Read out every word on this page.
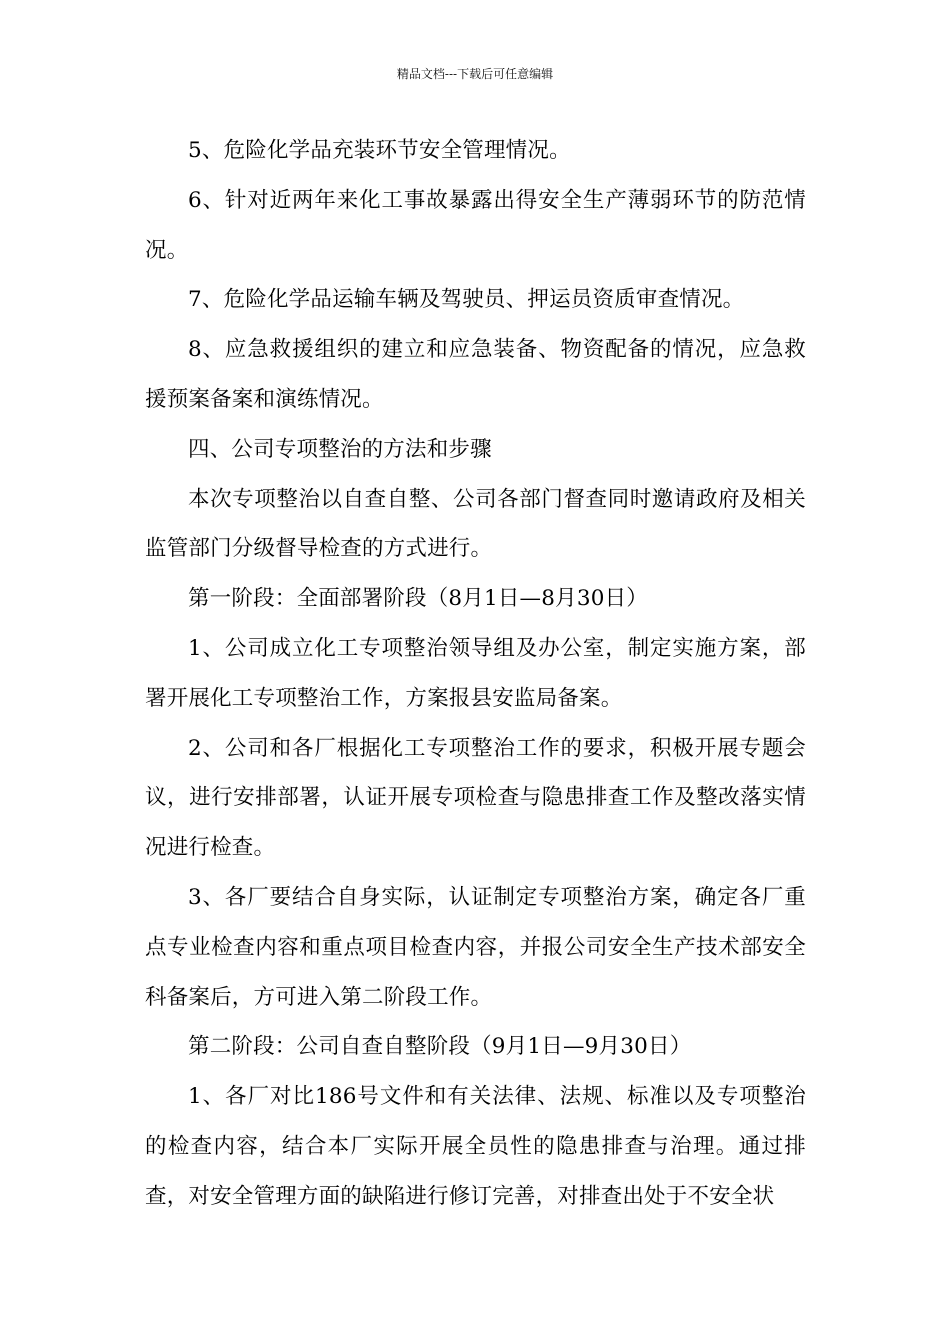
精品文档---下载后可任意编辑

5、危险化学品充装环节安全管理情况。

6、针对近两年来化工事故暴露出得安全生产薄弱环节的防范情况。

7、危险化学品运输车辆及驾驶员、押运员资质审查情况。

8、应急救援组织的建立和应急装备、物资配备的情况，应急救援预案备案和演练情况。

四、公司专项整治的方法和步骤

本次专项整治以自查自整、公司各部门督查同时邀请政府及相关监管部门分级督导检查的方式进行。

第一阶段：全面部署阶段（8月1日—8月30日）

1、公司成立化工专项整治领导组及办公室，制定实施方案，部署开展化工专项整治工作，方案报县安监局备案。

2、公司和各厂根据化工专项整治工作的要求，积极开展专题会议，进行安排部署，认证开展专项检查与隐患排查工作及整改落实情况进行检查。

3、各厂要结合自身实际，认证制定专项整治方案，确定各厂重点专业检查内容和重点项目检查内容，并报公司安全生产技术部安全科备案后，方可进入第二阶段工作。

第二阶段：公司自查自整阶段（9月1日—9月30日）

1、各厂对比186号文件和有关法律、法规、标准以及专项整治的检查内容，结合本厂实际开展全员性的隐患排查与治理。通过排查，对安全管理方面的缺陷进行修订完善，对排查出处于不安全状
